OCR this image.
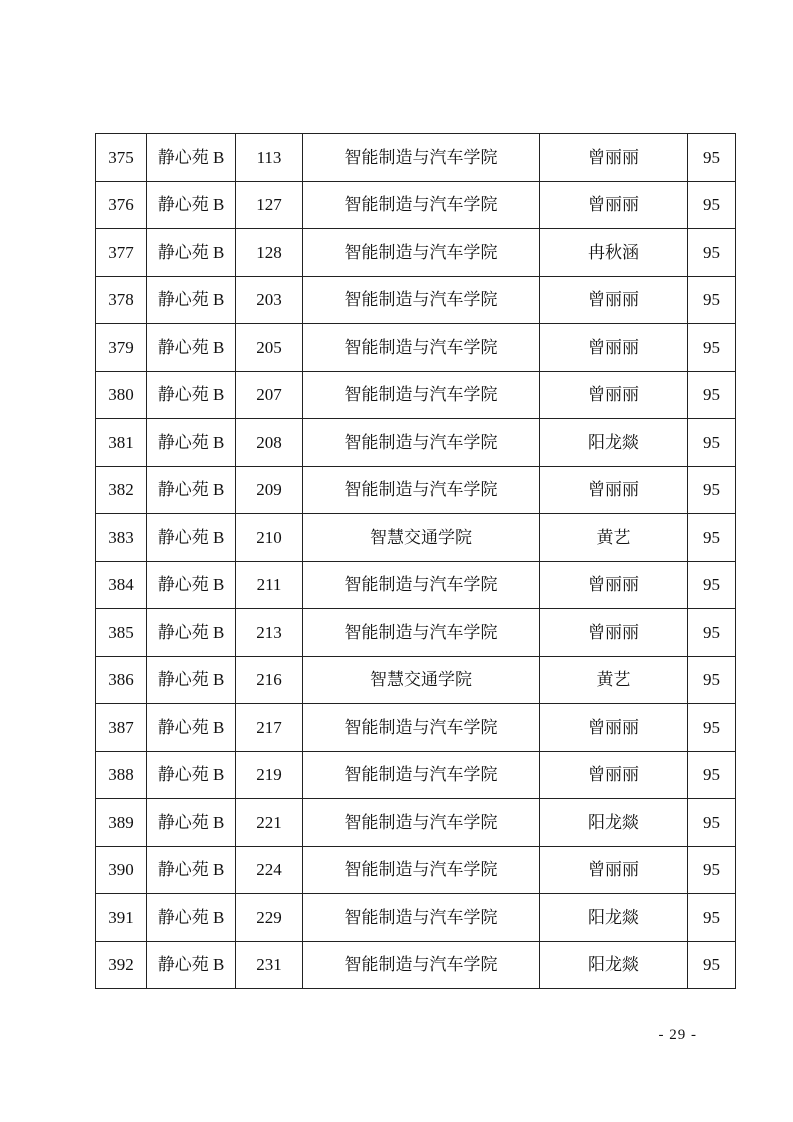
375	静心苑 B	113	智能制造与汽车学院	曾丽丽	95
376	静心苑 B	127	智能制造与汽车学院	曾丽丽	95
377	静心苑 B	128	智能制造与汽车学院	冉秋涵	95
378	静心苑 B	203	智能制造与汽车学院	曾丽丽	95
379	静心苑 B	205	智能制造与汽车学院	曾丽丽	95
380	静心苑 B	207	智能制造与汽车学院	曾丽丽	95
381	静心苑 B	208	智能制造与汽车学院	阳龙燚	95
382	静心苑 B	209	智能制造与汽车学院	曾丽丽	95
383	静心苑 B	210	智慧交通学院	黄艺	95
384	静心苑 B	211	智能制造与汽车学院	曾丽丽	95
385	静心苑 B	213	智能制造与汽车学院	曾丽丽	95
386	静心苑 B	216	智慧交通学院	黄艺	95
387	静心苑 B	217	智能制造与汽车学院	曾丽丽	95
388	静心苑 B	219	智能制造与汽车学院	曾丽丽	95
389	静心苑 B	221	智能制造与汽车学院	阳龙燚	95
390	静心苑 B	224	智能制造与汽车学院	曾丽丽	95
391	静心苑 B	229	智能制造与汽车学院	阳龙燚	95
392	静心苑 B	231	智能制造与汽车学院	阳龙燚	95
- 29 -
